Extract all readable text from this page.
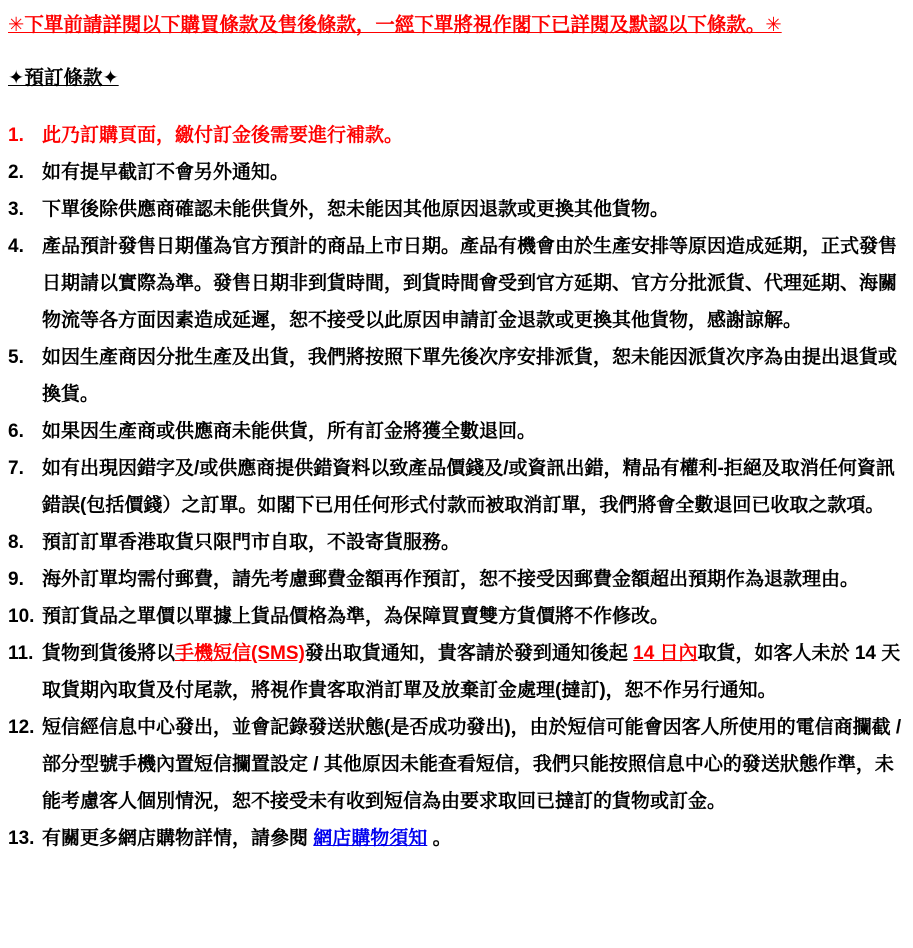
✳下單前請詳閱以下購買條款及售後條款，一經下單將視作閣下已詳閱及默認以下條款。✳
✦預訂條款✦
1. 此乃訂購頁面，繳付訂金後需要進行補款。
2. 如有提早截訂不會另外通知。
3. 下單後除供應商確認未能供貨外，恕未能因其他原因退款或更換其他貨物。
4. 產品預計發售日期僅為官方預計的商品上市日期。產品有機會由於生產安排等原因造成延期，正式發售日期請以實際為準。發售日期非到貨時間，到貨時間會受到官方延期、官方分批派貨、代理延期、海關物流等各方面因素造成延遲，恕不接受以此原因申請訂金退款或更換其他貨物，感謝諒解。
5. 如因生產商因分批生產及出貨，我們將按照下單先後次序安排派貨，恕未能因派貨次序為由提出退貨或換貨。
6. 如果因生產商或供應商未能供貨，所有訂金將獲全數退回。
7. 如有出現因錯字及/或供應商提供錯資料以致產品價錢及/或資訊出錯，精品有權利-拒絕及取消任何資訊錯誤(包括價錢）之訂單。如閣下已用任何形式付款而被取消訂單，我們將會全數退回已收取之款項。
8. 預訂訂單香港取貨只限門市自取，不設寄貨服務。
9. 海外訂單均需付郵費，請先考慮郵費金額再作預訂，恕不接受因郵費金額超出預期作為退款理由。
10. 預訂貨品之單價以單據上貨品價格為準，為保障買賣雙方貨價將不作修改。
11. 貨物到貨後將以手機短信(SMS)發出取貨通知，貴客請於發到通知後起 14 日內取貨，如客人未於 14 天取貨期內取貨及付尾款，將視作貴客取消訂單及放棄訂金處理(撻訂)，恕不作另行通知。
12. 短信經信息中心發出，並會記錄發送狀態(是否成功發出)，由於短信可能會因客人所使用的電信商攔截 / 部分型號手機內置短信攔置設定 / 其他原因未能查看短信，我們只能按照信息中心的發送狀態作準，未能考慮客人個別情況，恕不接受未有收到短信為由要求取回已撻訂的貨物或訂金。
13. 有關更多網店購物詳情，請參閱 網店購物須知 。
